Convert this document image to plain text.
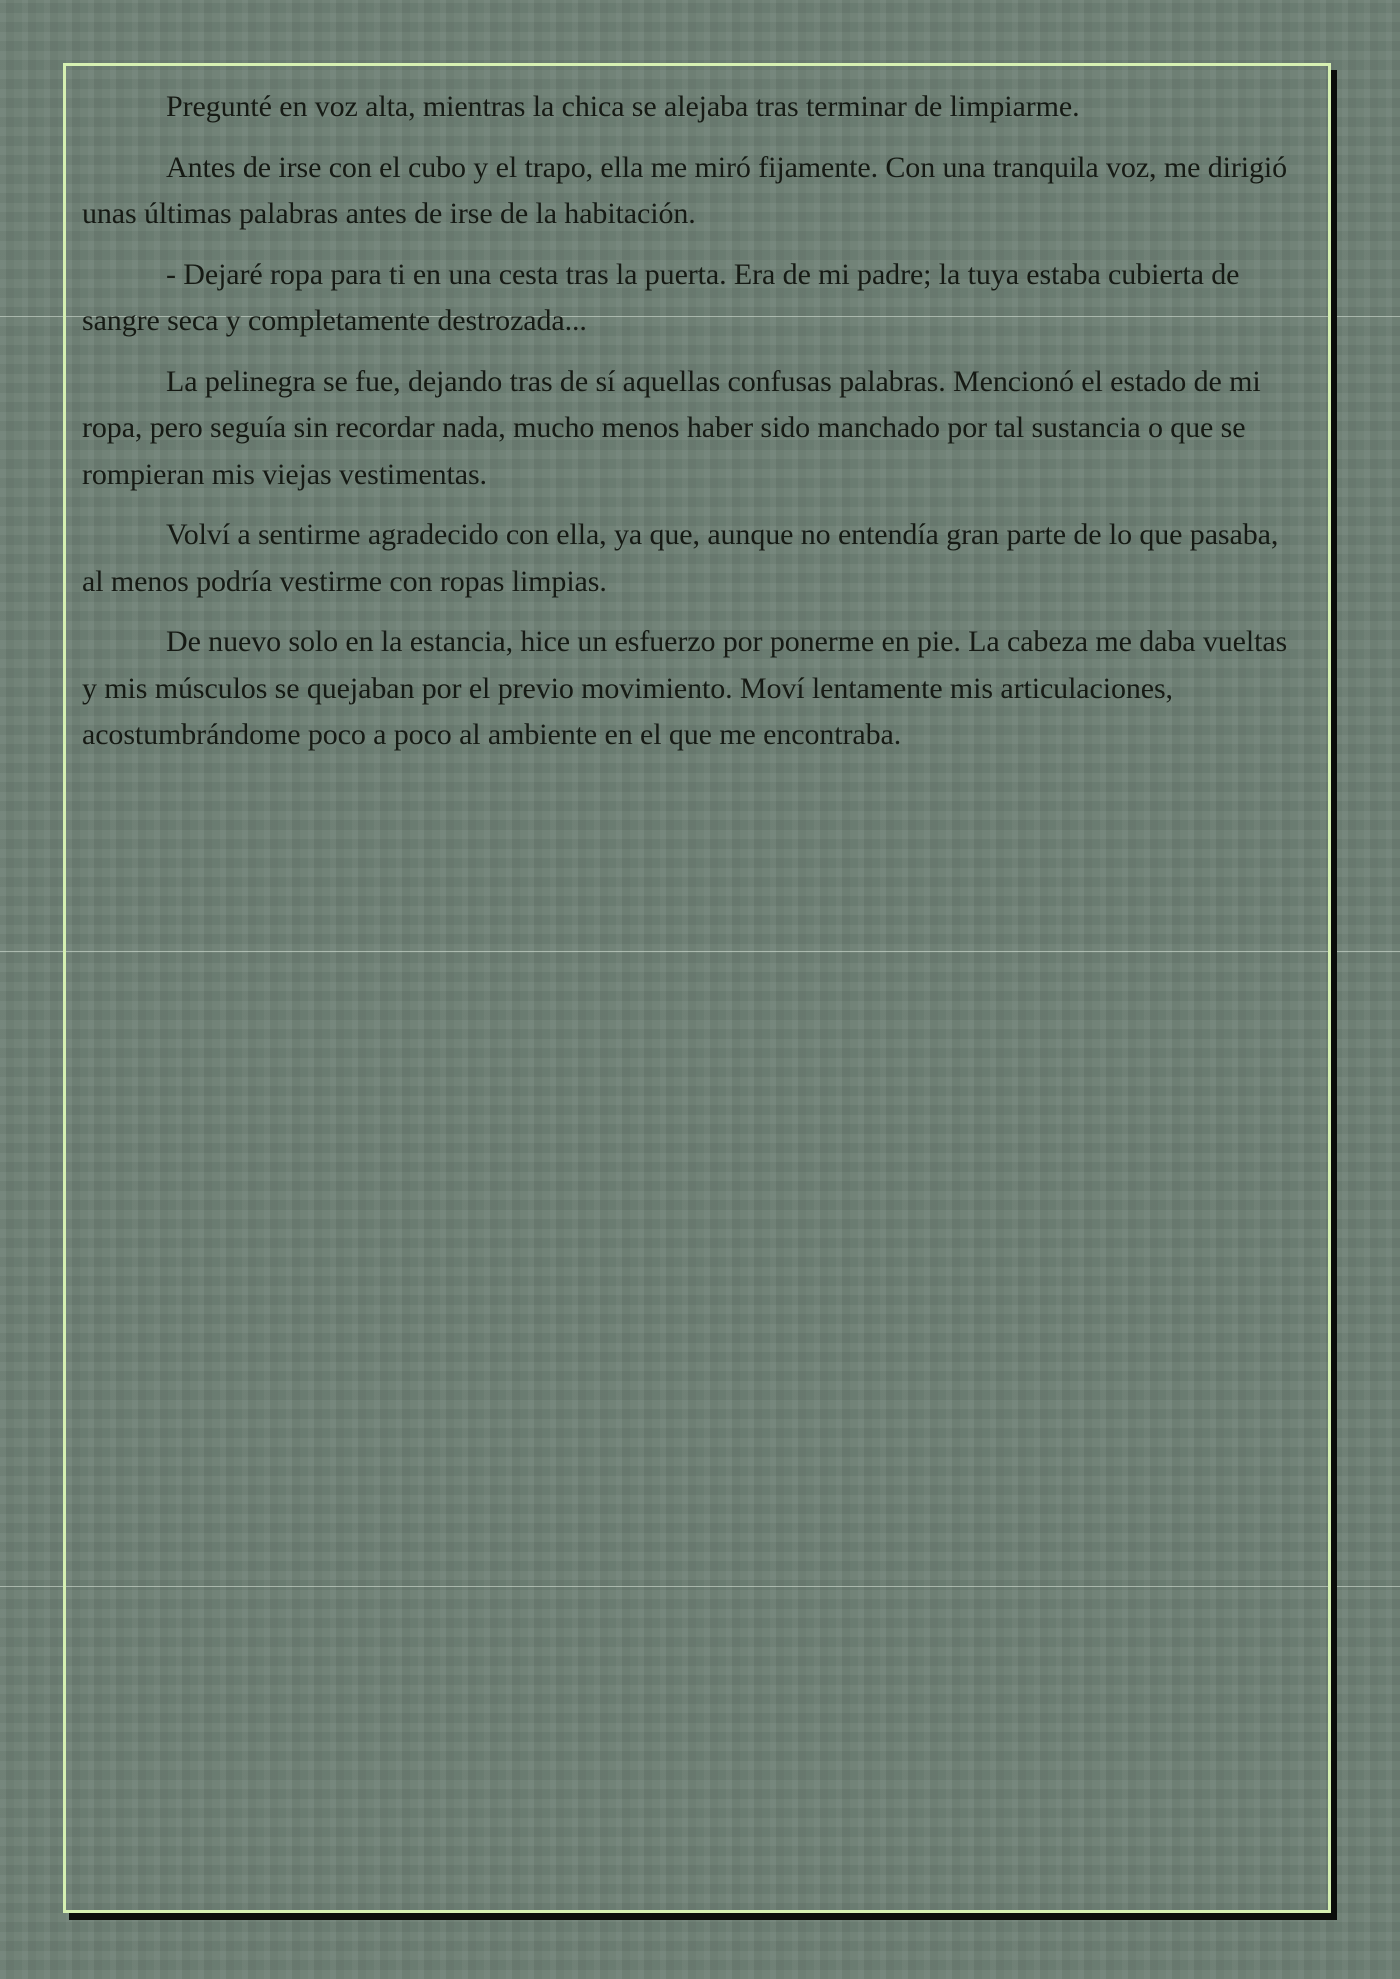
Pregunté en voz alta, mientras la chica se alejaba tras terminar de limpiarme.

Antes de irse con el cubo y el trapo, ella me miró fijamente. Con una tranquila voz, me dirigió unas últimas palabras antes de irse de la habitación.

- Dejaré ropa para ti en una cesta tras la puerta. Era de mi padre; la tuya estaba cubierta de sangre seca y completamente destrozada...

La pelinegra se fue, dejando tras de sí aquellas confusas palabras. Mencionó el estado de mi ropa, pero seguía sin recordar nada, mucho menos haber sido manchado por tal sustancia o que se rompieran mis viejas vestimentas.

Volví a sentirme agradecido con ella, ya que, aunque no entendía gran parte de lo que pasaba, al menos podría vestirme con ropas limpias.

De nuevo solo en la estancia, hice un esfuerzo por ponerme en pie. La cabeza me daba vueltas y mis músculos se quejaban por el previo movimiento. Moví lentamente mis articulaciones, acostumbrándome poco a poco al ambiente en el que me encontraba.
